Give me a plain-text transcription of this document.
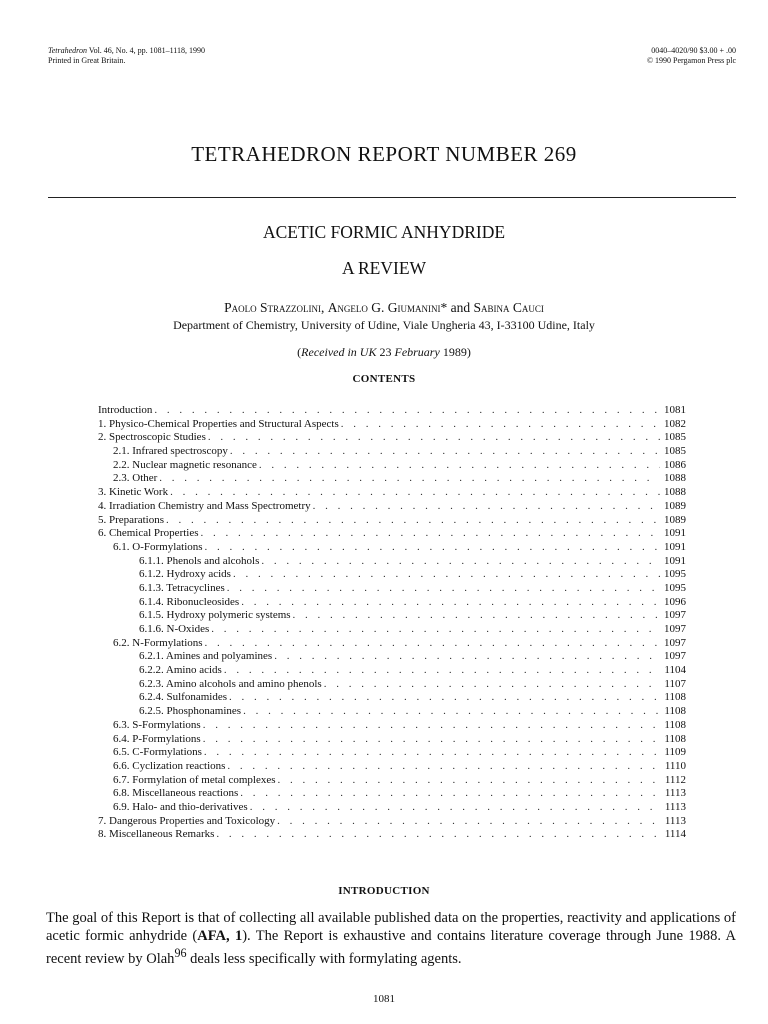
Tetrahedron Vol. 46, No. 4, pp. 1081–1118, 1990
Printed in Great Britain.
0040–4020/90 $3.00 + .00
© 1990 Pergamon Press plc
TETRAHEDRON REPORT NUMBER 269
ACETIC FORMIC ANHYDRIDE
A REVIEW
Paolo Strazzolini, Angelo G. Giumanini* and Sabina Cauci
Department of Chemistry, University of Udine, Viale Ungheria 43, I-33100 Udine, Italy
(Received in UK 23 February 1989)
CONTENTS
Introduction . . .	1081
1. Physico-Chemical Properties and Structural Aspects . . .	1082
2. Spectroscopic Studies . . .	1085
2.1. Infrared spectroscopy . . .	1085
2.2. Nuclear magnetic resonance . . .	1086
2.3. Other . . .	1088
3. Kinetic Work . . .	1088
4. Irradiation Chemistry and Mass Spectrometry . . .	1089
5. Preparations . . .	1089
6. Chemical Properties . . .	1091
6.1. O-Formylations . . .	1091
6.1.1. Phenols and alcohols . . .	1091
6.1.2. Hydroxy acids . . .	1095
6.1.3. Tetracyclines . . .	1095
6.1.4. Ribonucleosides . . .	1096
6.1.5. Hydroxy polymeric systems . . .	1097
6.1.6. N-Oxides . . .	1097
6.2. N-Formylations . . .	1097
6.2.1. Amines and polyamines . . .	1097
6.2.2. Amino acids . . .	1104
6.2.3. Amino alcohols and amino phenols . . .	1107
6.2.4. Sulfonamides . . .	1108
6.2.5. Phosphonamines . . .	1108
6.3. S-Formylations . . .	1108
6.4. P-Formylations . . .	1108
6.5. C-Formylations . . .	1109
6.6. Cyclization reactions . . .	1110
6.7. Formylation of metal complexes . . .	1112
6.8. Miscellaneous reactions . . .	1113
6.9. Halo- and thio-derivatives . . .	1113
7. Dangerous Properties and Toxicology . . .	1113
8. Miscellaneous Remarks . . .	1114
INTRODUCTION
The goal of this Report is that of collecting all available published data on the properties, reactivity and applications of acetic formic anhydride (AFA, 1). The Report is exhaustive and contains literature coverage through June 1988. A recent review by Olah$^{96}$ deals less specifically with formylating agents.
1081
